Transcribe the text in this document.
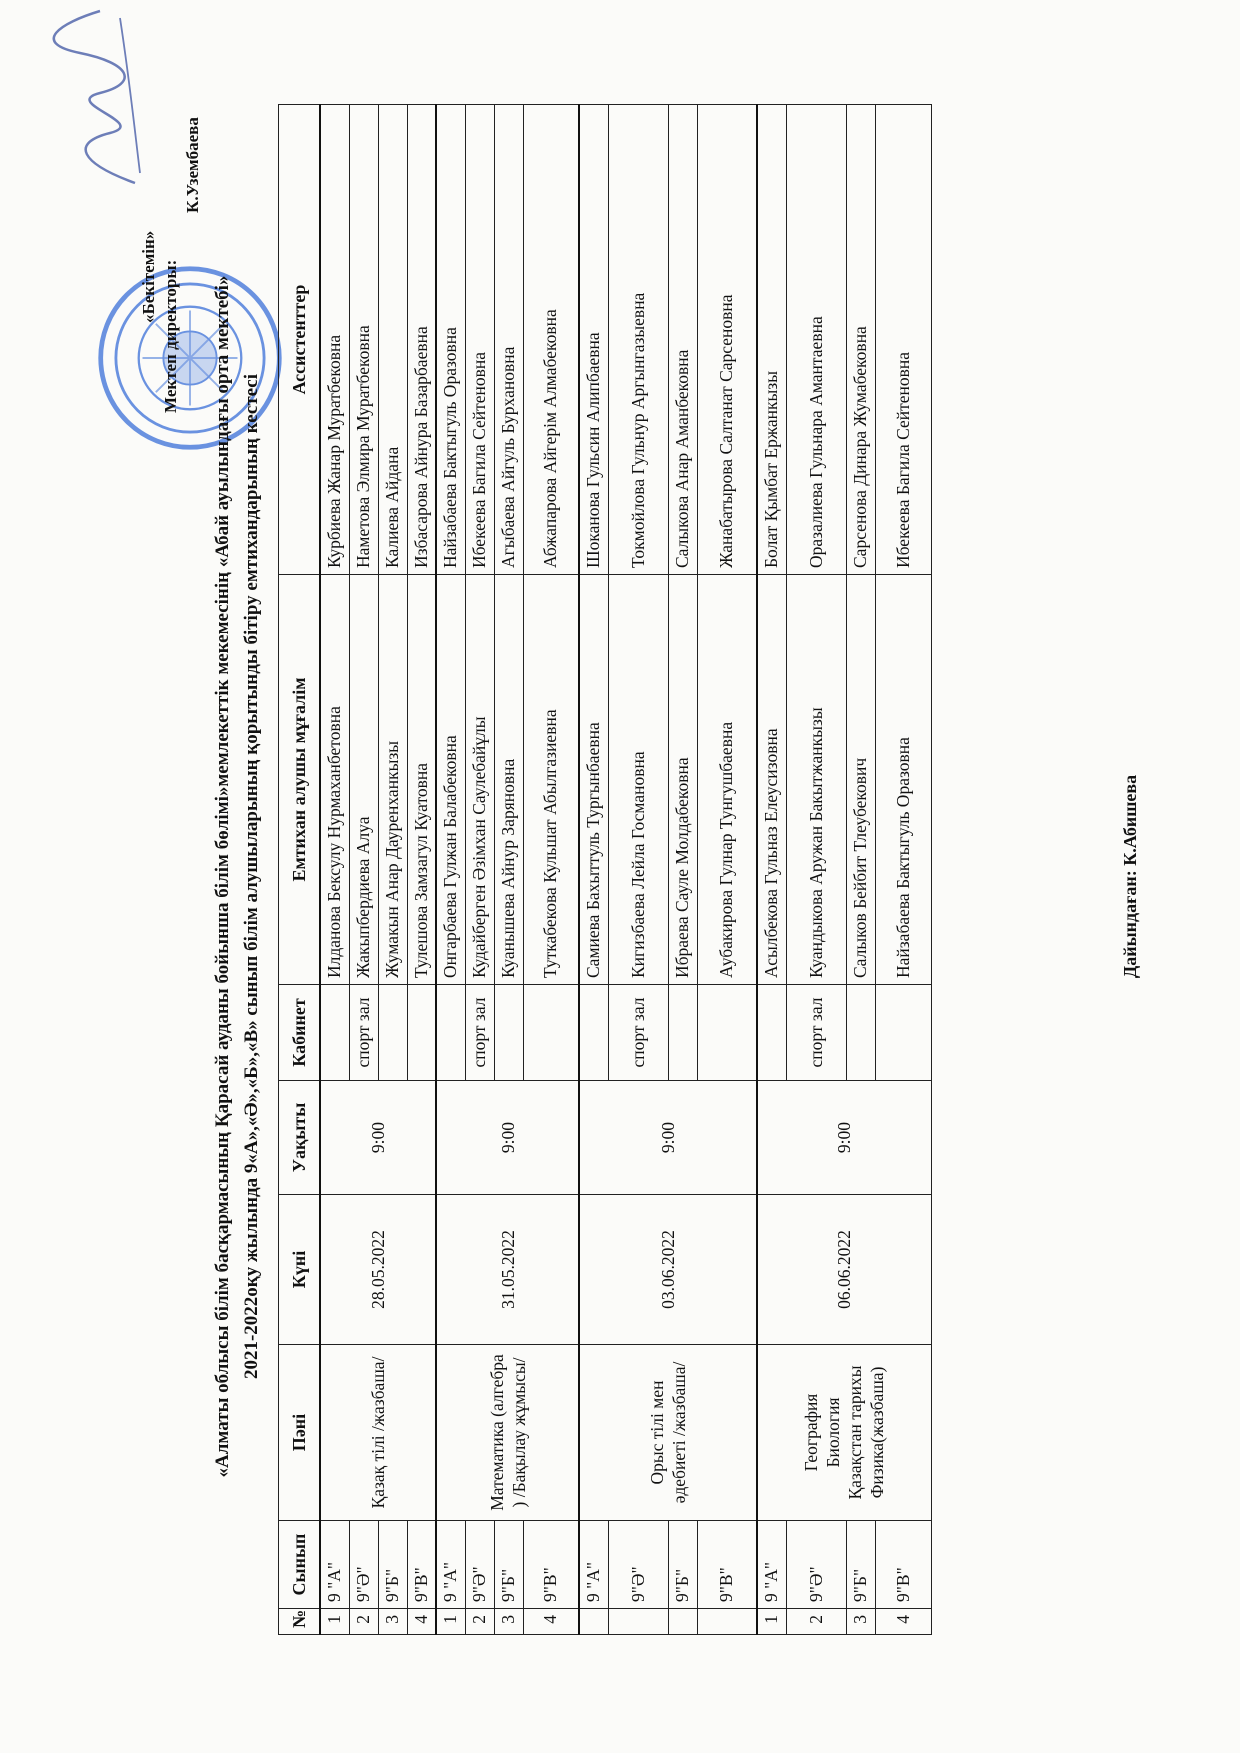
«Бекітемін» Мектеп директоры:
К.Узембаева
«Алматы облысы білім басқармасының Қарасай ауданы бойынша білім бөлімі»мемлекеттік мекемесінің «Абай ауылындағы орта мектебі» 2021-2022оқу жылында 9«А»,«Ә»,«Б»,«В» сынып білім алушыларының қорытынды бітіру емтихандарының кестесі
№	Сынып	Пәні	Күні	Уақыты	Кабинет	Емтихан алушы мұғалім	Ассистенттер
1	9 "А"	Қазақ тілі /жазбаша/	28.05.2022	9:00		Илданова Бексулу Нурмаханбетовна	Курбиева Жанар Муратбековна
2	9"Ә"				спорт зал	Жакыпбердиева Алуа	Наметова Элмира Муратбековна
3	9"Б"					Жумакын Анар Дауренханкызы	Калиева Айдана
4	9"В"					Тулешова Замзагул Куатовна	Избасарова Айнура Базарбаевна
1	9 "А"	Математика (алгебра ) /Бақылау жұмысы/	31.05.2022	9:00		Онгарбаева Гулжан Балабековна	Найзабаева Бактыгуль Оразовна
2	9"Ә"				спорт зал	Кудайберген Әзімхан Саулебайұлы	Ибекеева Багила Сейтеновна
3	9"Б"					Куанышева Айнур Заряновна	Агыбаева Айгуль Бурхановна
4	9"В"					Туткабекова Кульшат Абылгазиевна	Абжапарова Айгерім Алмабековна
	9 "А"	Орыс тілі мен әдебиеті /жазбаша/	03.06.2022	9:00		Самиева Бахыттуль Тургынбаевна	Шоканова Гульсин Алипбаевна
	9"Ә"				спорт зал	Кигизбаева Лейла Госмановна	Токмойлова Гульнур Аргынгазыевна
	9"Б"					Ибраева Сауле Молдабековна	Салыкова Анар Аманбековна
	9"В"					Аубакирова Гулнар Тунгушбаевна	Жанабатырова Салтанат Сарсеновна
1	9 "А"	География Биология Қазақстан тарихы Физика(жазбаша)	06.06.2022	9:00		Асылбекова Гульназ Елеусизовна	Болат Қымбат Ержанкызы
2	9"Ә"				спорт зал	Куандыкова Аружан Бакытжанкызы	Оразалиева Гульнара Амантаевна
3	9"Б"					Салыков Бейбит Тлеубекович	Сарсенова Динара Жумабековна
4	9"В"					Найзабаева Бактыгуль Оразовна	Ибекеева Багила Сейтеновна
Дайындаған: К.Абишева
